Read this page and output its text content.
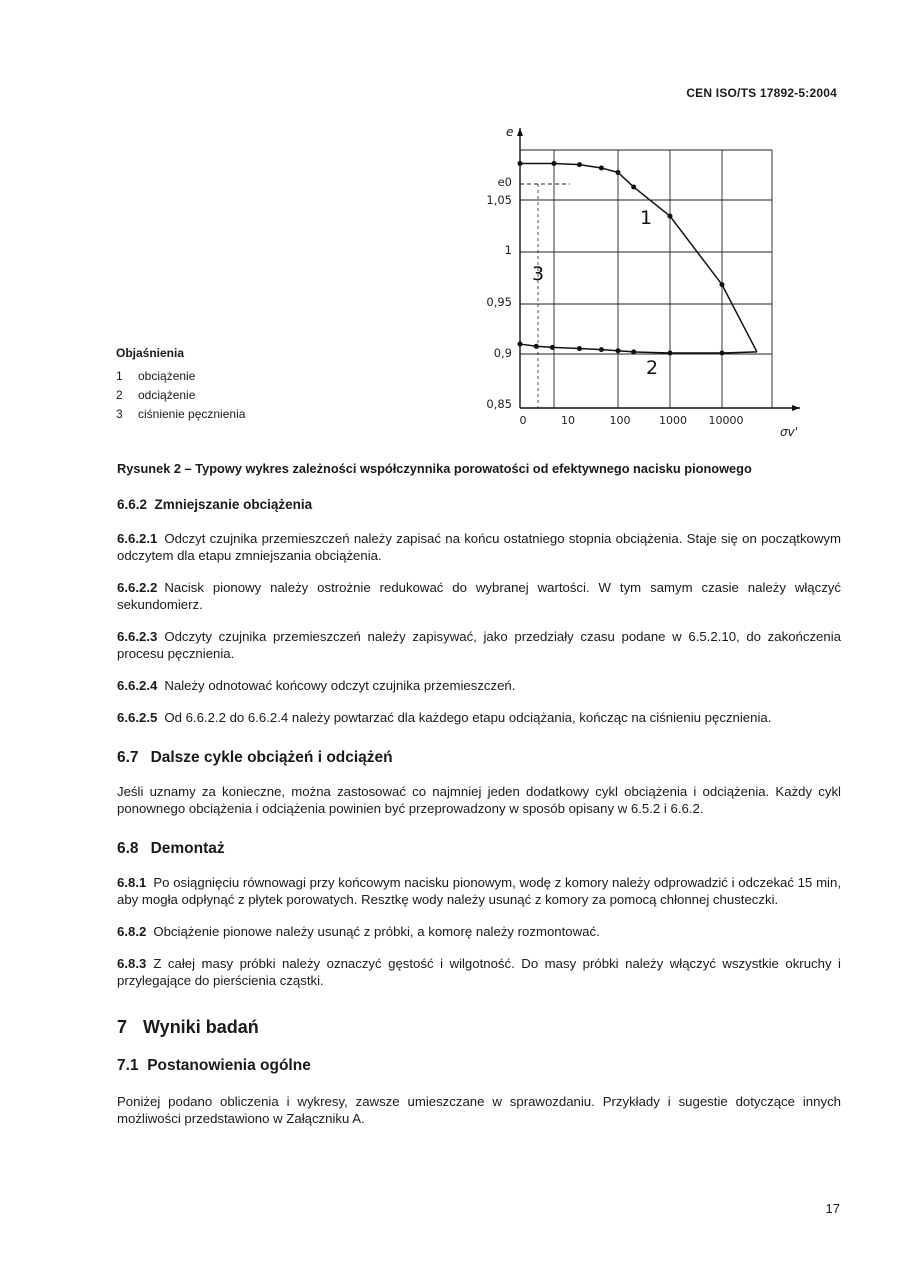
CEN ISO/TS 17892-5:2004
Objaśnienia
1	obciążenie
2	odciążenie
3	ciśnienie pęcznienia
e0
1,05
1
0,95
0,9
0,85
0	10	100	1000 10000
e
σv'
1
2
3
Rysunek 2 – Typowy wykres zależności współczynnika porowatości od efektywnego nacisku pionowego
6.6.2 Zmniejszanie obciążenia

6.6.2.1 Odczyt czujnika przemieszczeń należy zapisać na końcu ostatniego stopnia obciążenia. Staje się on początkowym odczytem dla etapu zmniejszania obciążenia.

6.6.2.2 Nacisk pionowy należy ostrożnie redukować do wybranej wartości. W tym samym czasie należy włączyć sekundomierz.

6.6.2.3 Odczyty czujnika przemieszczeń należy zapisywać, jako przedziały czasu podane w 6.5.2.10, do zakończenia procesu pęcznienia.

6.6.2.4 Należy odnotować końcowy odczyt czujnika przemieszczeń.

6.6.2.5 Od 6.6.2.2 do 6.6.2.4 należy powtarzać dla każdego etapu odciążania, kończąc na ciśnieniu pęcznienia.

6.7 Dalsze cykle obciążeń i odciążeń

Jeśli uznamy za konieczne, można zastosować co najmniej jeden dodatkowy cykl obciążenia i odciążenia. Każdy cykl ponownego obciążenia i odciążenia powinien być przeprowadzony w sposób opisany w 6.5.2 i 6.6.2.

6.8 Demontaż

6.8.1 Po osiągnięciu równowagi przy końcowym nacisku pionowym, wodę z komory należy odprowadzić i odczekać 15 min, aby mogła odpłynąć z płytek porowatych. Resztkę wody należy usunąć z komory za pomocą chłonnej chusteczki.

6.8.2 Obciążenie pionowe należy usunąć z próbki, a komorę należy rozmontować.

6.8.3 Z całej masy próbki należy oznaczyć gęstość i wilgotność. Do masy próbki należy włączyć wszystkie okruchy i przylegające do pierścienia cząstki.

7 Wyniki badań
7.1 Postanowienia ogólne

Poniżej podano obliczenia i wykresy, zawsze umieszczane w sprawozdaniu. Przykłady i sugestie dotyczące innych możliwości przedstawiono w Załączniku A.

17
